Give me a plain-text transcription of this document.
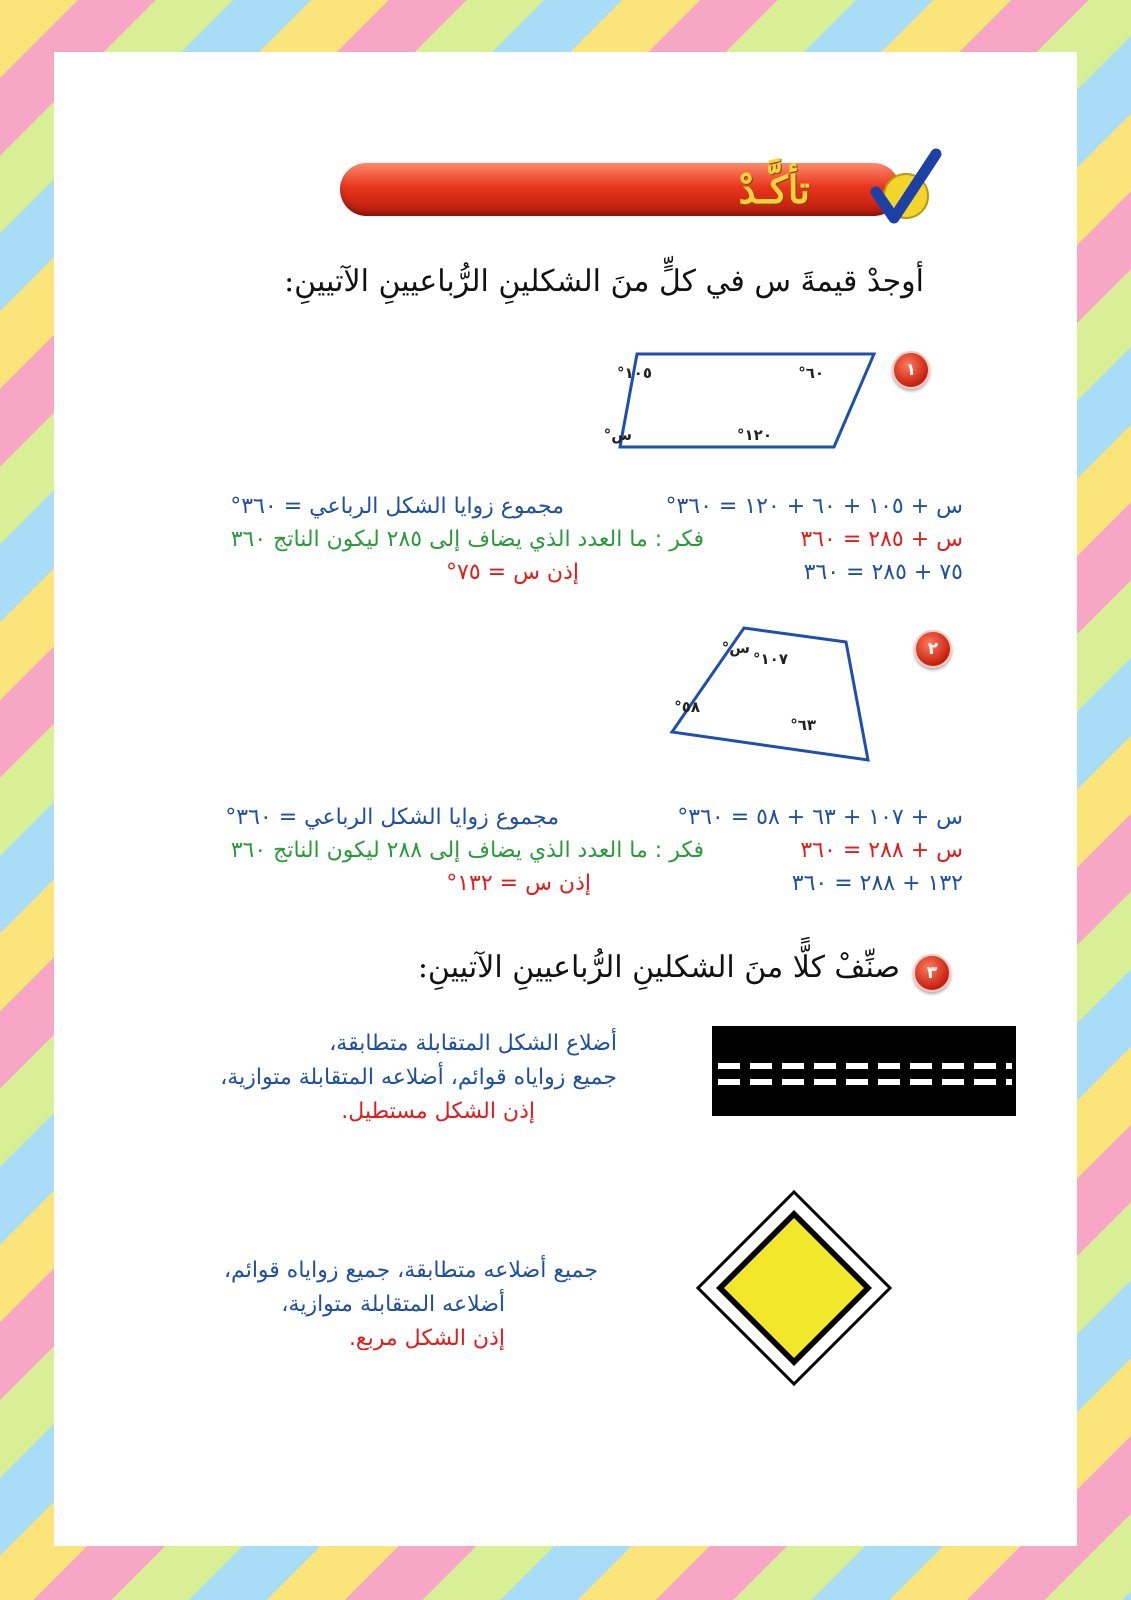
تأكَّـدْ
أوجدْ قيمةَ س في كلٍّ منَ الشكلينِ الرُّباعيينِ الآتيينِ:
١
١٠٥°	٦٠°
١٢٠°
س°
س + ١٠٥ + ٦٠ + ١٢٠ = ٣٦٠°
مجموع زوايا الشكل الرباعي = ٣٦٠°
س + ٢٨٥ = ٣٦٠
فكر : ما العدد الذي يضاف إلى ٢٨٥ ليكون الناتج ٣٦٠
٧٥ + ٢٨٥ = ٣٦٠
إذن س = ٧٥°
٢
س°
١٠٧°
٥٨°
٦٣°
س + ١٠٧ + ٦٣ + ٥٨ = ٣٦٠°
مجموع زوايا الشكل الرباعي = ٣٦٠°
س + ٢٨٨ = ٣٦٠
فكر : ما العدد الذي يضاف إلى ٢٨٨ ليكون الناتج ٣٦٠
١٣٢ + ٢٨٨ = ٣٦٠
إذن س = ١٣٢°
٣
صنِّفْ كلًّا منَ الشكلينِ الرُّباعيينِ الآتيينِ:
أضلاع الشكل المتقابلة متطابقة،
جميع زواياه قوائم، أضلاعه المتقابلة متوازية،
إذن الشكل مستطيل.
جميع أضلاعه متطابقة، جميع زواياه قوائم،
أضلاعه المتقابلة متوازية،
إذن الشكل مربع.
